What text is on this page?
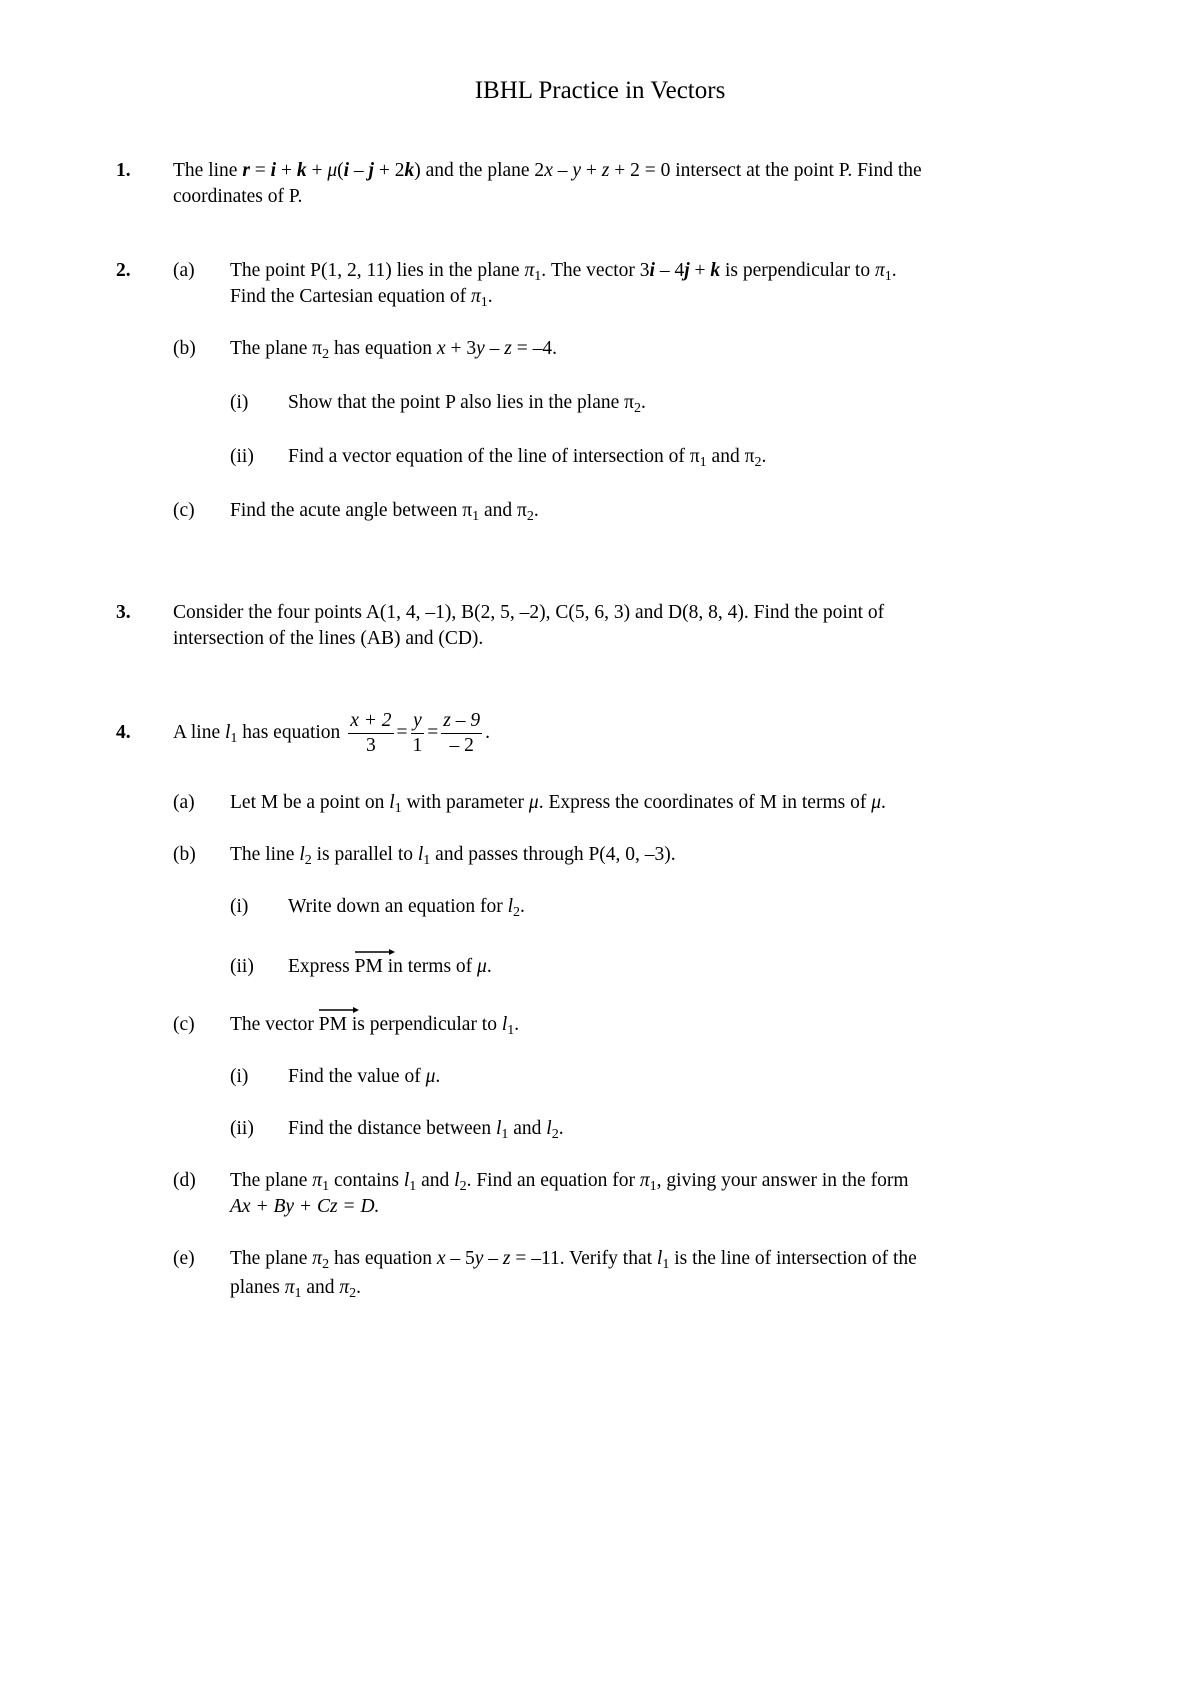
IBHL Practice in Vectors
1. The line r = i + k + μ(i – j + 2k) and the plane 2x – y + z + 2 = 0 intersect at the point P. Find the
coordinates of P.
2. (a) The point P(1, 2, 11) lies in the plane $\pi_1$. The vector 3i – 4j + k is perpendicular to $\pi_1$.
Find the Cartesian equation of $\pi_1$.
(b) The plane $\pi_2$ has equation x + 3y – z = –4.
(i) Show that the point P also lies in the plane $\pi_2$.
(ii) Find a vector equation of the line of intersection of $\pi_1$ and $\pi_2$.
(c) Find the acute angle between $\pi_1$ and $\pi_2$.
3. Consider the four points A(1, 4, –1), B(2, 5, –2), C(5, 6, 3) and D(8, 8, 4). Find the point of
intersection of the lines (AB) and (CD).
4. A line $l_1$ has equation $\frac{x + 2}{3} = \frac{y}{1} = \frac{z - 9}{- 2}$ .
(a) Let M be a point on $l_1$ with parameter μ. Express the coordinates of M in terms of μ.
(b) The line $l_2$ is parallel to $l_1$ and passes through P(4, 0, –3).
(i) Write down an equation for $l_2$.
(ii) Express
PM in terms of μ.
(c) The vector
PM is perpendicular to $l_1$.
(i) Find the value of μ.
(ii) Find the distance between $l_1$ and $l_2$.
(d) The plane $\pi_1$ contains $l_1$ and $l_2$. Find an equation for $\pi_1$, giving your answer in the form
Ax + By + Cz = D.
(e) The plane $\pi_2$ has equation x – 5y – z = –11. Verify that $l_1$ is the line of intersection of the
planes $\pi_1$ and $\pi_2$.
